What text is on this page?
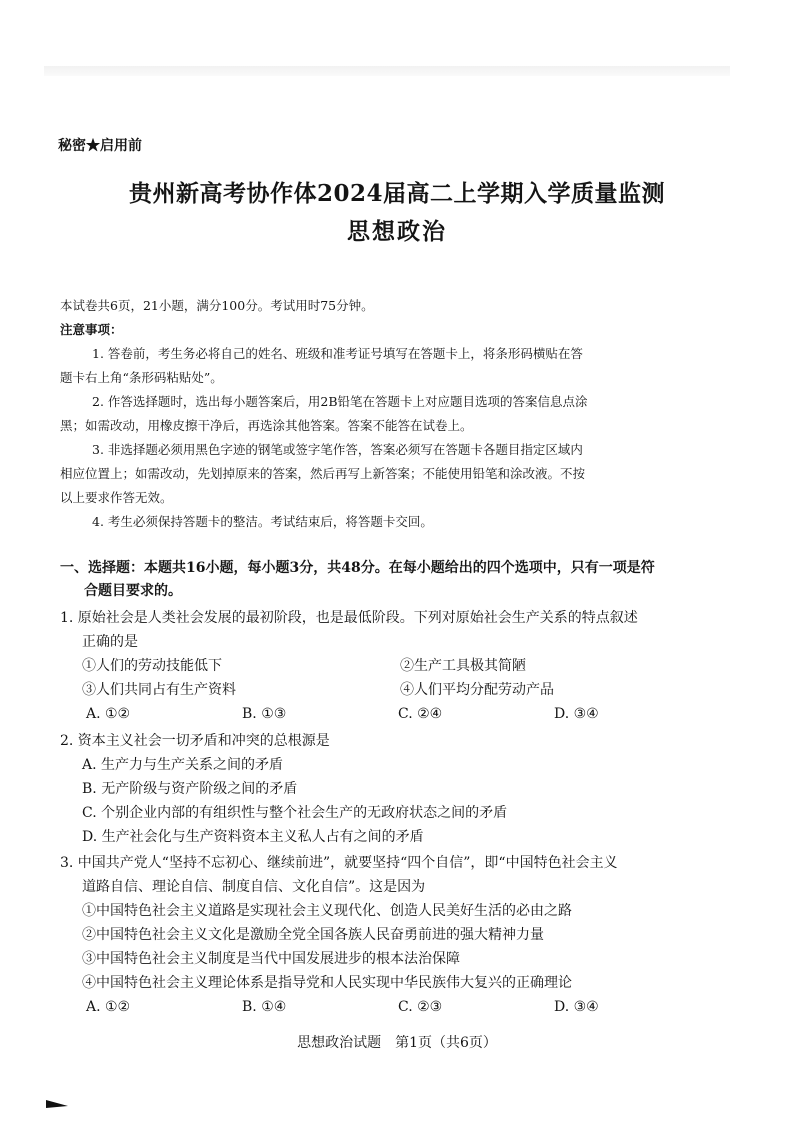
秘密★启用前
贵州新高考协作体2024届高二上学期入学质量监测
思想政治
本试卷共6页，21小题，满分100分。考试用时75分钟。
注意事项：
1. 答卷前，考生务必将自己的姓名、班级和准考证号填写在答题卡上，将条形码横贴在答
题卡右上角“条形码粘贴处”。
2. 作答选择题时，选出每小题答案后，用2B铅笔在答题卡上对应题目选项的答案信息点涂
黑；如需改动，用橡皮擦干净后，再选涂其他答案。答案不能答在试卷上。
3. 非选择题必须用黑色字迹的钢笔或签字笔作答，答案必须写在答题卡各题目指定区域内
相应位置上；如需改动，先划掉原来的答案，然后再写上新答案；不能使用铅笔和涂改液。不按
以上要求作答无效。
4. 考生必须保持答题卡的整洁。考试结束后，将答题卡交回。
一、选择题：本题共16小题，每小题3分，共48分。在每小题给出的四个选项中，只有一项是符
合题目要求的。
1. 原始社会是人类社会发展的最初阶段，也是最低阶段。下列对原始社会生产关系的特点叙述
正确的是
①人们的劳动技能低下	②生产工具极其简陋
③人们共同占有生产资料	④人们平均分配劳动产品
A. ①②	B. ①③	C. ②④	D. ③④
2. 资本主义社会一切矛盾和冲突的总根源是
A. 生产力与生产关系之间的矛盾
B. 无产阶级与资产阶级之间的矛盾
C. 个别企业内部的有组织性与整个社会生产的无政府状态之间的矛盾
D. 生产社会化与生产资料资本主义私人占有之间的矛盾
3. 中国共产党人“坚持不忘初心、继续前进”，就要坚持“四个自信”，即“中国特色社会主义
道路自信、理论自信、制度自信、文化自信”。这是因为
①中国特色社会主义道路是实现社会主义现代化、创造人民美好生活的必由之路
②中国特色社会主义文化是激励全党全国各族人民奋勇前进的强大精神力量
③中国特色社会主义制度是当代中国发展进步的根本法治保障
④中国特色社会主义理论体系是指导党和人民实现中华民族伟大复兴的正确理论
A. ①②	B. ①④	C. ②③	D. ③④
思想政治试题　第1页（共6页）
